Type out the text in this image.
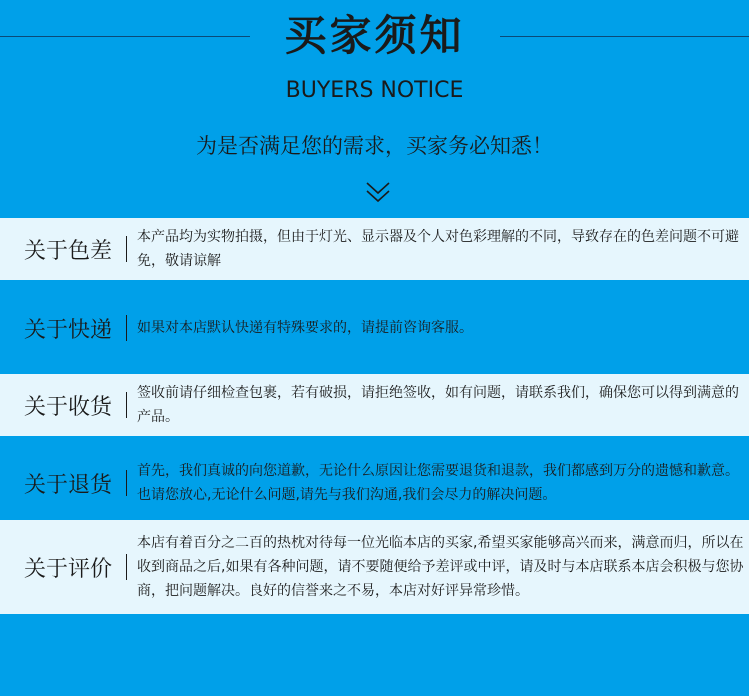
买家须知
BUYERS NOTICE
为是否满足您的需求，买家务必知悉！
关于色差
本产品均为实物拍摄，但由于灯光、显示器及个人对色彩理解的不同，导致存在的色差问题不可避免，敬请谅解
关于快递	如果对本店默认快递有特殊要求的，请提前咨询客服。
关于收货
签收前请仔细检查包裹，若有破损，请拒绝签收，如有问题，请联系我们，确保您可以得到满意的产品。
关于退货
首先，我们真诚的向您道歉，无论什么原因让您需要退货和退款，我们都感到万分的遗憾和歉意。也请您放心,无论什么问题,请先与我们沟通,我们会尽力的解决问题。
关于评价
本店有着百分之二百的热枕对待每一位光临本店的买家,希望买家能够高兴而来，满意而归，所以在收到商品之后,如果有各种问题，请不要随便给予差评或中评，请及时与本店联系本店会积极与您协商，把问题解决。良好的信誉来之不易，本店对好评异常珍惜。
